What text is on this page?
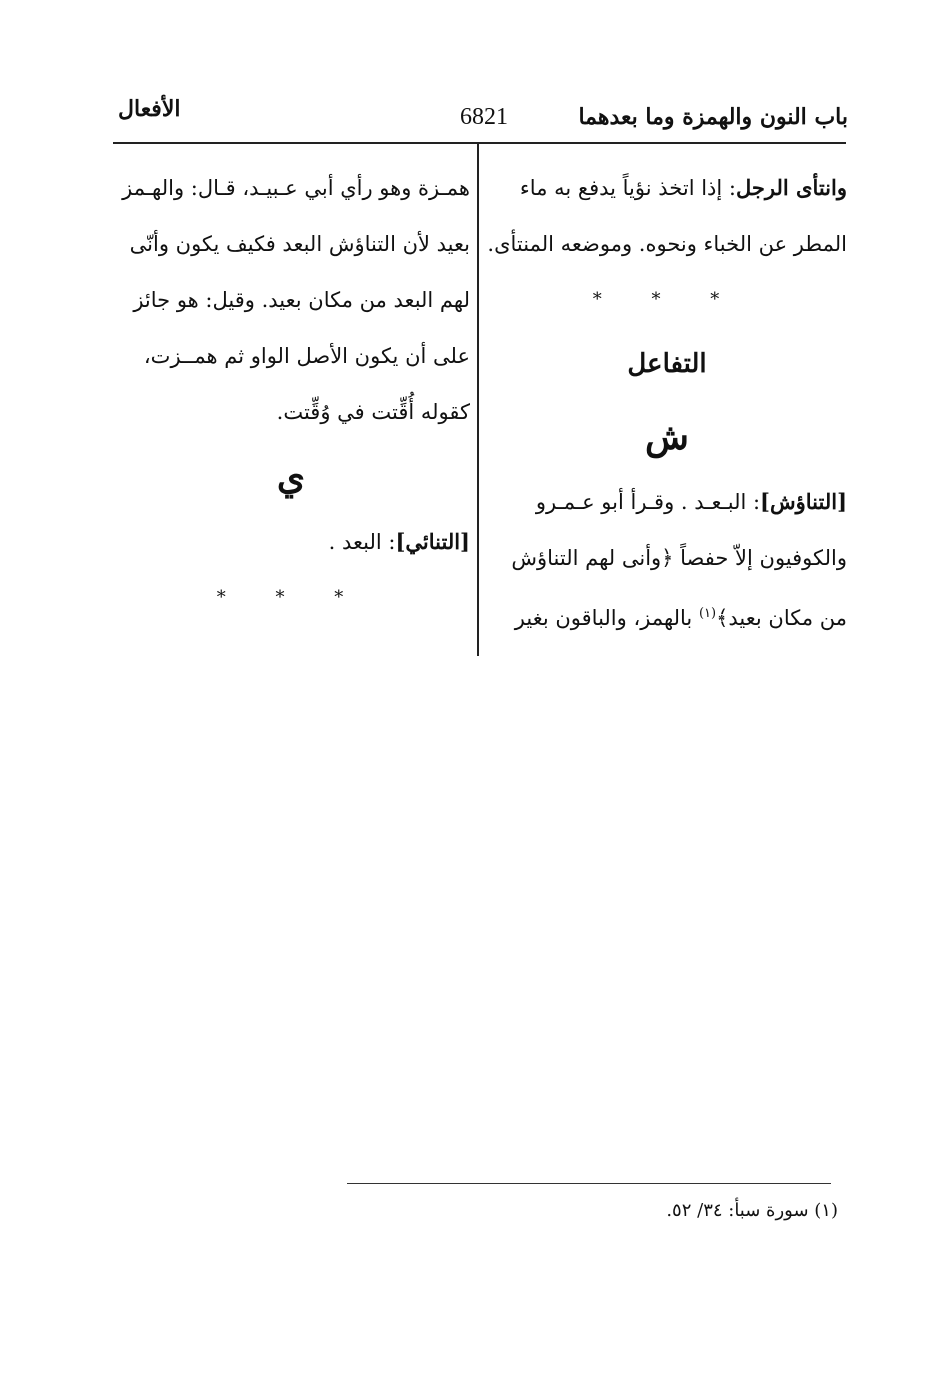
باب النون والهمزة وما بعدهما
6821
الأفعال
وانتأى الرجل: إذا اتخذ نؤياً يدفع به ماء
المطر عن الخباء ونحوه. وموضعه المنتأى.
* * *
التفاعل
ش
[التناؤش]: البـعـد . وقـرأ أبو عـمـرو
والكوفيون إلاّ حفصاً ﴿وأنى لهم التناؤش
من مكان بعيد﴾$^{(١)}$ بالهمز، والباقون بغير
همـزة وهو رأي أبي عـبيـد، قـال: والهـمز
بعيد لأن التناؤش البعد فكيف يكون وأنّى
لهم البعد من مكان بعيد. وقيل: هو جائز
على أن يكون الأصل الواو ثم همــزت،
كقوله أُقِّتت في وُقِّتت.
ي
[التنائي]: البعد .
* * *
(١) سورة سبأ: ٣٤/ ٥٢.
